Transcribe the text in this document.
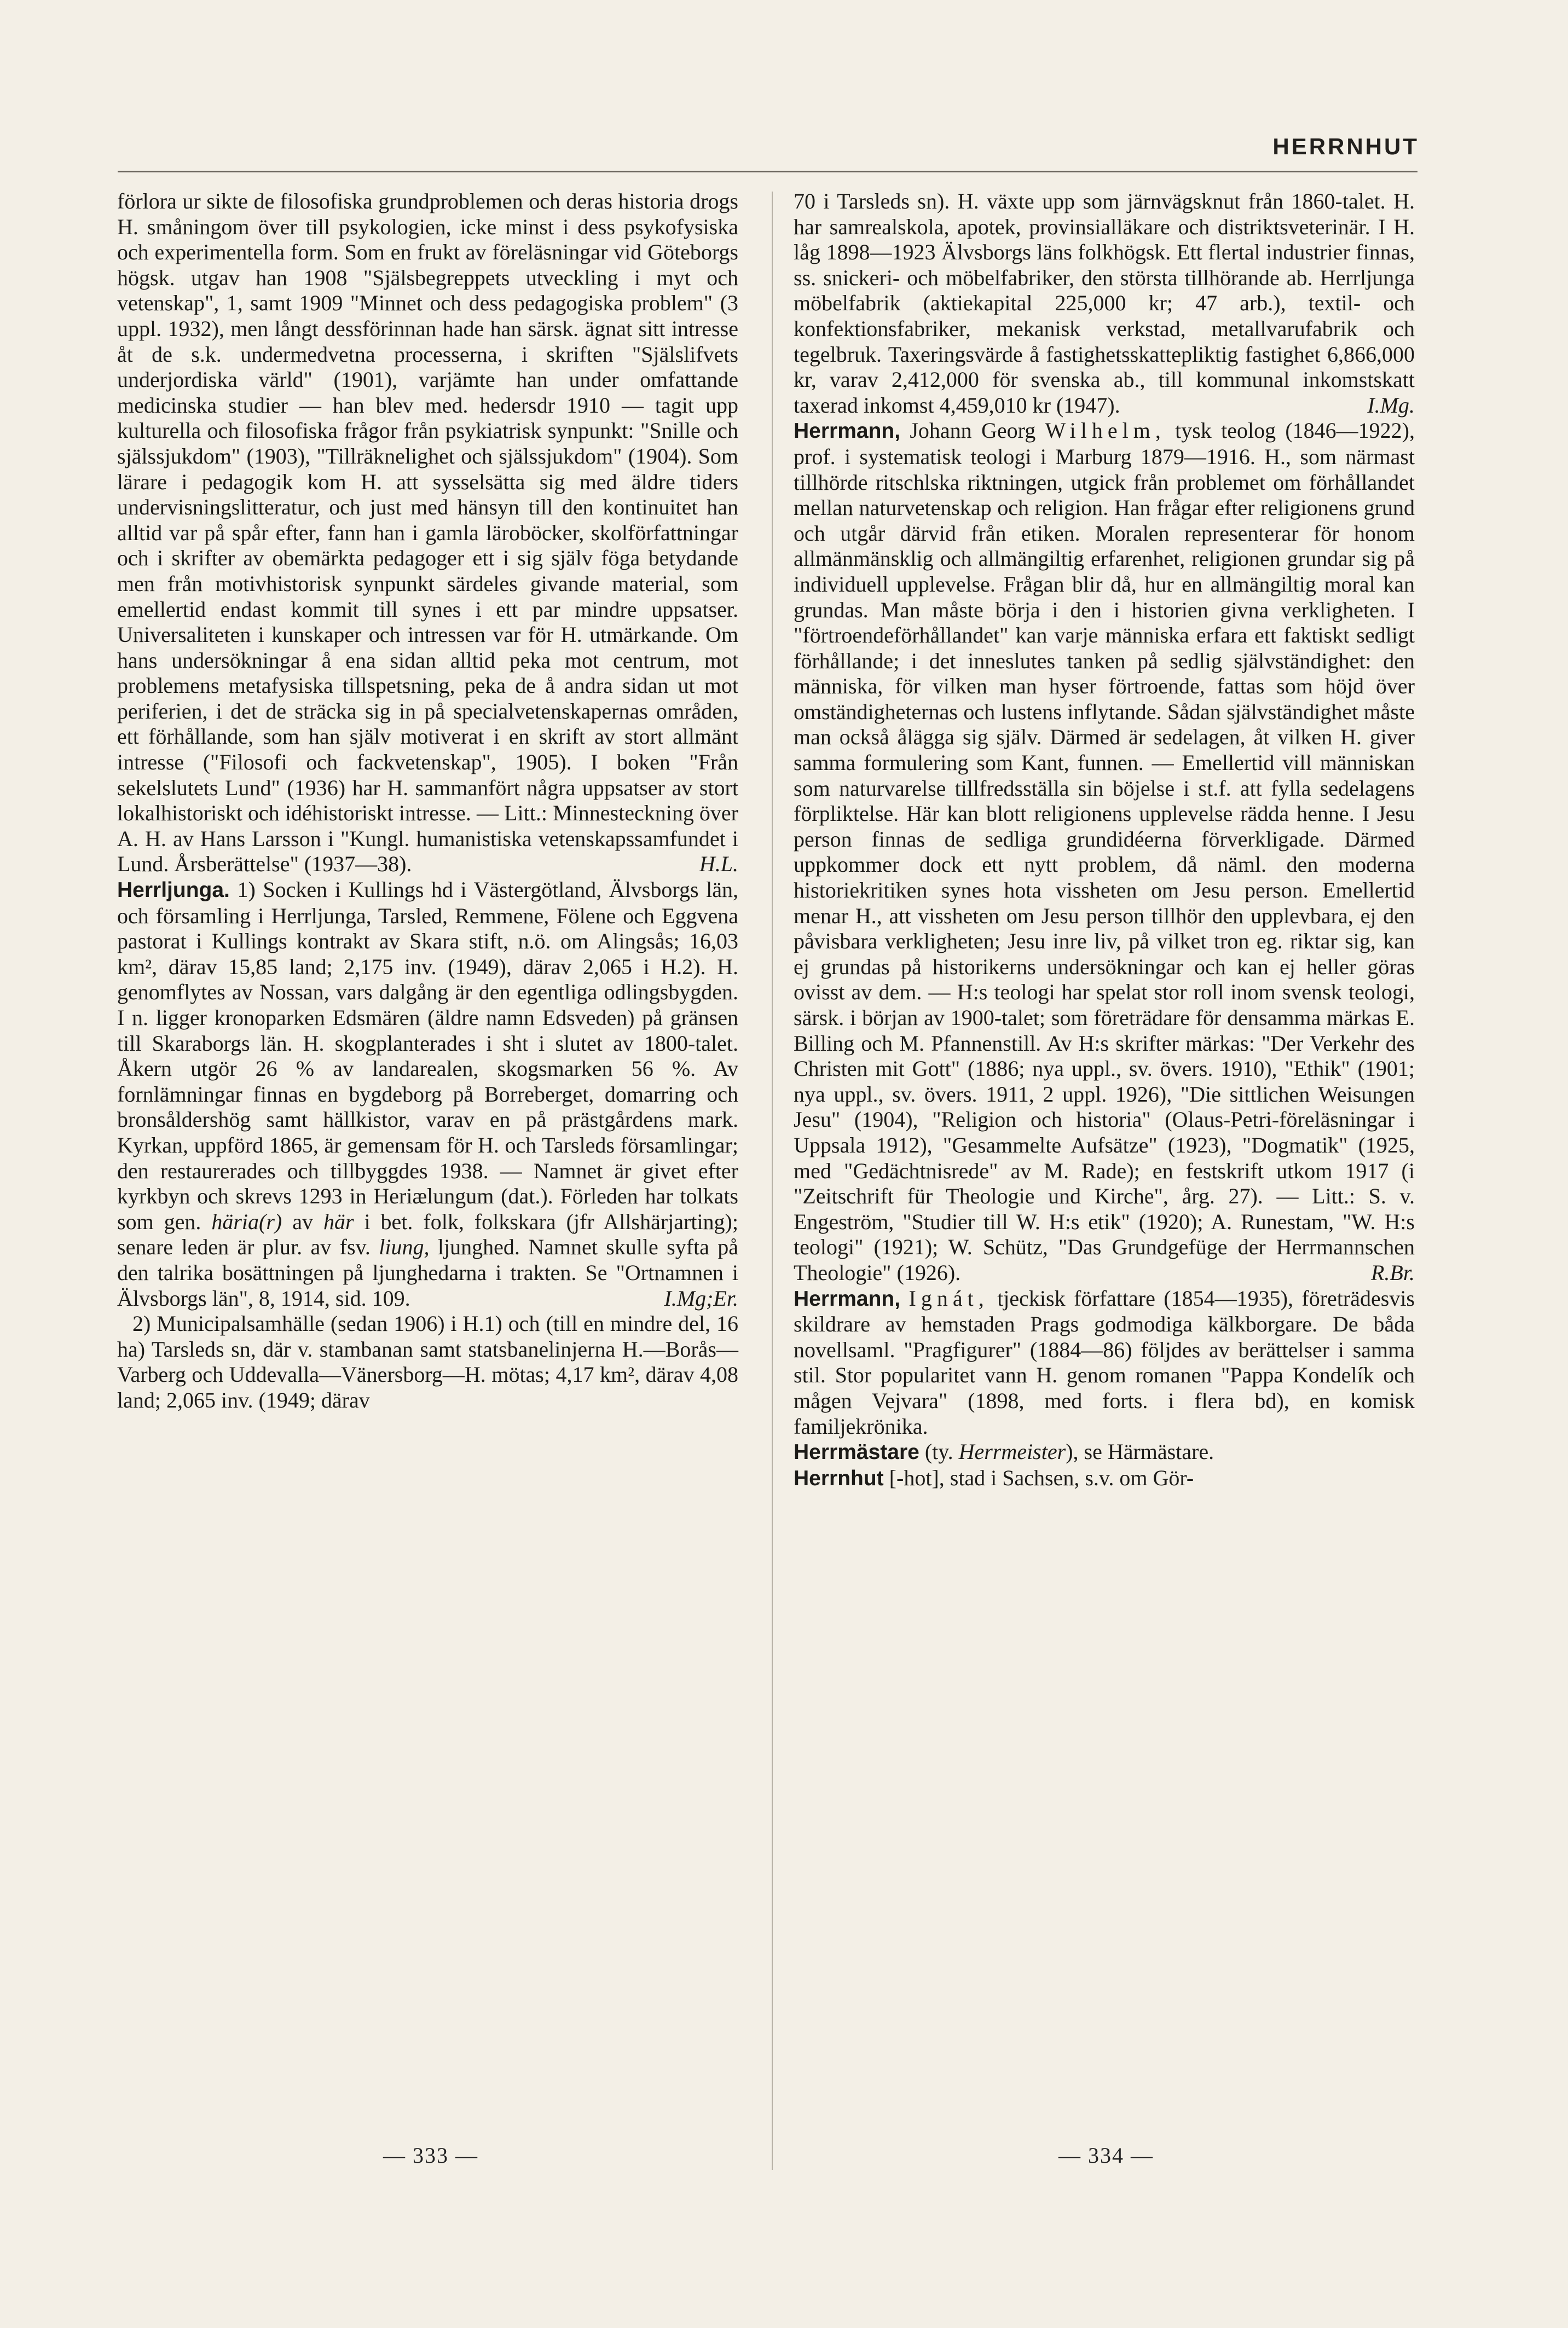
HERRNHUT

förlora ur sikte de filosofiska grundproblemen och deras historia drogs H. småningom över till psykologien, icke minst i dess psykofysiska och experimentella form. Som en frukt av föreläsningar vid Göteborgs högsk. utgav han 1908 "Själsbegreppets utveckling i myt och vetenskap", 1, samt 1909 "Minnet och dess pedagogiska problem" (3 uppl. 1932), men långt dessförinnan hade han särsk. ägnat sitt intresse åt de s.k. undermedvetna processerna, i skriften "Själslifvets underjordiska värld" (1901), varjämte han under omfattande medicinska studier — han blev med. hedersdr 1910 — tagit upp kulturella och filosofiska frågor från psykiatrisk synpunkt: "Snille och själssjukdom" (1903), "Tillräknelighet och själssjukdom" (1904). Som lärare i pedagogik kom H. att sysselsätta sig med äldre tiders undervisningslitteratur, och just med hänsyn till den kontinuitet han alltid var på spår efter, fann han i gamla läroböcker, skolförfattningar och i skrifter av obemärkta pedagoger ett i sig själv föga betydande men från motivhistorisk synpunkt särdeles givande material, som emellertid endast kommit till synes i ett par mindre uppsatser. Universaliteten i kunskaper och intressen var för H. utmärkande. Om hans undersökningar å ena sidan alltid peka mot centrum, mot problemens metafysiska tillspetsning, peka de å andra sidan ut mot periferien, i det de sträcka sig in på specialvetenskapernas områden, ett förhållande, som han själv motiverat i en skrift av stort allmänt intresse ("Filosofi och fackvetenskap", 1905). I boken "Från sekelslutets Lund" (1936) har H. sammanfört några uppsatser av stort lokalhistoriskt och idéhistoriskt intresse. — Litt.: Minnesteckning över A. H. av Hans Larsson i "Kungl. humanistiska vetenskapssamfundet i Lund. Årsberättelse" (1937—38).	H.L.

Herrljunga. 1) Socken i Kullings hd i Västergötland, Älvsborgs län, och församling i Herrljunga, Tarsled, Remmene, Fölene och Eggvena pastorat i Kullings kontrakt av Skara stift, n.ö. om Alingsås; 16,03 km², därav 15,85 land; 2,175 inv. (1949), därav 2,065 i H.2). H. genomflytes av Nossan, vars dalgång är den egentliga odlingsbygden. I n. ligger kronoparken Edsmären (äldre namn Edsveden) på gränsen till Skaraborgs län. H. skogplanterades i sht i slutet av 1800-talet. Åkern utgör 26 % av landarealen, skogsmarken 56 %. Av fornlämningar finnas en bygdeborg på Borreberget, domarring och bronsåldershög samt hällkistor, varav en på prästgårdens mark. Kyrkan, uppförd 1865, är gemensam för H. och Tarsleds församlingar; den restaurerades och tillbyggdes 1938. — Namnet är givet efter kyrkbyn och skrevs 1293 in Heriælungum (dat.). Förleden har tolkats som gen. häria(r) av här i bet. folk, folkskara (jfr Allshärjarting); senare leden är plur. av fsv. liung, ljunghed. Namnet skulle syfta på den talrika bosättningen på ljunghedarna i trakten. Se "Ortnamnen i Älvsborgs län", 8, 1914, sid. 109.	I.Mg;Er.

2) Municipalsamhälle (sedan 1906) i H.1) och (till en mindre del, 16 ha) Tarsleds sn, där v. stambanan samt statsbanelinjerna H.—Borås—Varberg och Uddevalla—Vänersborg—H. mötas; 4,17 km², därav 4,08 land; 2,065 inv. (1949; därav

70 i Tarsleds sn). H. växte upp som järnvägsknut från 1860-talet. H. har samrealskola, apotek, provinsialläkare och distriktsveterinär. I H. låg 1898—1923 Älvsborgs läns folkhögsk. Ett flertal industrier finnas, ss. snickeri- och möbelfabriker, den största tillhörande ab. Herrljunga möbelfabrik (aktiekapital 225,000 kr; 47 arb.), textil- och konfektionsfabriker, mekanisk verkstad, metallvarufabrik och tegelbruk. Taxeringsvärde å fastighetsskattepliktig fastighet 6,866,000 kr, varav 2,412,000 för svenska ab., till kommunal inkomstskatt taxerad inkomst 4,459,010 kr (1947).	I.Mg.

Herrmann, Johann Georg Wilhelm, tysk teolog (1846—1922), prof. i systematisk teologi i Marburg 1879—1916. H., som närmast tillhörde ritschlska riktningen, utgick från problemet om förhållandet mellan naturvetenskap och religion. Han frågar efter religionens grund och utgår därvid från etiken. Moralen representerar för honom allmänmänsklig och allmängiltig erfarenhet, religionen grundar sig på individuell upplevelse. Frågan blir då, hur en allmängiltig moral kan grundas. Man måste börja i den i historien givna verkligheten. I "förtroendeförhållandet" kan varje människa erfara ett faktiskt sedligt förhållande; i det inneslutes tanken på sedlig självständighet: den människa, för vilken man hyser förtroende, fattas som höjd över omständigheternas och lustens inflytande. Sådan självständighet måste man också ålägga sig själv. Därmed är sedelagen, åt vilken H. giver samma formulering som Kant, funnen. — Emellertid vill människan som naturvarelse tillfredsställa sin böjelse i st.f. att fylla sedelagens förpliktelse. Här kan blott religionens upplevelse rädda henne. I Jesu person finnas de sedliga grundidéerna förverkligade. Därmed uppkommer dock ett nytt problem, då näml. den moderna historiekritiken synes hota vissheten om Jesu person. Emellertid menar H., att vissheten om Jesu person tillhör den upplevbara, ej den påvisbara verkligheten; Jesu inre liv, på vilket tron eg. riktar sig, kan ej grundas på historikerns undersökningar och kan ej heller göras ovisst av dem. — H:s teologi har spelat stor roll inom svensk teologi, särsk. i början av 1900-talet; som företrädare för densamma märkas E. Billing och M. Pfannenstill. Av H:s skrifter märkas: "Der Verkehr des Christen mit Gott" (1886; nya uppl., sv. övers. 1910), "Ethik" (1901; nya uppl., sv. övers. 1911, 2 uppl. 1926), "Die sittlichen Weisungen Jesu" (1904), "Religion och historia" (Olaus-Petri-föreläsningar i Uppsala 1912), "Gesammelte Aufsätze" (1923), "Dogmatik" (1925, med "Gedächtnisrede" av M. Rade); en festskrift utkom 1917 (i "Zeitschrift für Theologie und Kirche", årg. 27). — Litt.: S. v. Engeström, "Studier till W. H:s etik" (1920); A. Runestam, "W. H:s teologi" (1921); W. Schütz, "Das Grundgefüge der Herrmannschen Theologie" (1926).	R.Br.

Herrmann, Ignát, tjeckisk författare (1854—1935), företrädesvis skildrare av hemstaden Prags godmodiga kälkborgare. De båda novellsaml. "Pragfigurer" (1884—86) följdes av berättelser i samma stil. Stor popularitet vann H. genom romanen "Pappa Kondelík och mågen Vejvara" (1898, med forts. i flera bd), en komisk familjekrönika.

Herrmästare (ty. Herrmeister), se Härmästare.

Herrnhut [-hot], stad i Sachsen, s.v. om Gör-

— 333 —	— 334 —
